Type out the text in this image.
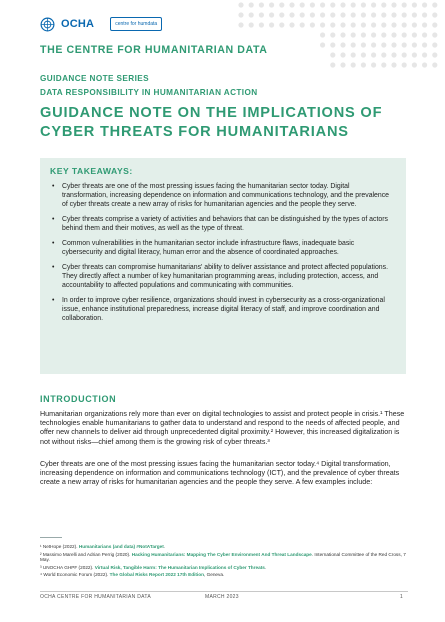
OCHA	centre for humdata
THE CENTRE FOR HUMANITARIAN DATA
GUIDANCE NOTE SERIES
DATA RESPONSIBILITY IN HUMANITARIAN ACTION
GUIDANCE NOTE ON THE IMPLICATIONS OF
CYBER THREATS FOR HUMANITARIANS
KEY TAKEAWAYS:
• Cyber threats are one of the most pressing issues facing the humanitarian sector today. Digital transformation, increasing dependence on information and communications technology, and the prevalence of cyber threats create a new array of risks for humanitarian agencies and the people they serve.
• Cyber threats comprise a variety of activities and behaviors that can be distinguished by the types of actors behind them and their motives, as well as the type of threat.
• Common vulnerabilities in the humanitarian sector include infrastructure flaws, inadequate basic cybersecurity and digital literacy, human error and the absence of coordinated approaches.
• Cyber threats can compromise humanitarians' ability to deliver assistance and protect affected populations. They directly affect a number of key humanitarian programming areas, including protection, access, and accountability to affected populations and communicating with communities.
• In order to improve cyber resilience, organizations should invest in cybersecurity as a cross-organizational issue, enhance institutional preparedness, increase digital literacy of staff, and improve coordination and collaboration.
INTRODUCTION
Humanitarian organizations rely more than ever on digital technologies to assist and protect people in crisis.¹ These technologies enable humanitarians to gather data to understand and respond to the needs of affected people, and offer new channels to deliver aid through unprecedented digital proximity.² However, this increased digitalization is not without risks—chief among them is the growing risk of cyber threats.³
Cyber threats are one of the most pressing issues facing the humanitarian sector today.⁴ Digital transformation, increasing dependence on information and communications technology (ICT), and the prevalence of cyber threats create a new array of risks for humanitarian agencies and the people they serve. A few examples include:
¹ NetHope (2022). Humanitarians (and data) #NotATarget.
² Massimo Marelli and Adrian Perrig (2020). Hacking Humanitarians: Mapping The Cyber Environment And Threat Landscape. International Committee of the Red Cross, 7 May.
³ UNOCHA GHPF (2022). Virtual Risk, Tangible Harm: The Humanitarian Implications of Cyber Threats.
⁴ World Economic Forum (2022). The Global Risks Report 2022 17th Edition, Geneva.
OCHA CENTRE FOR HUMANITARIAN DATA	MARCH 2023	1
